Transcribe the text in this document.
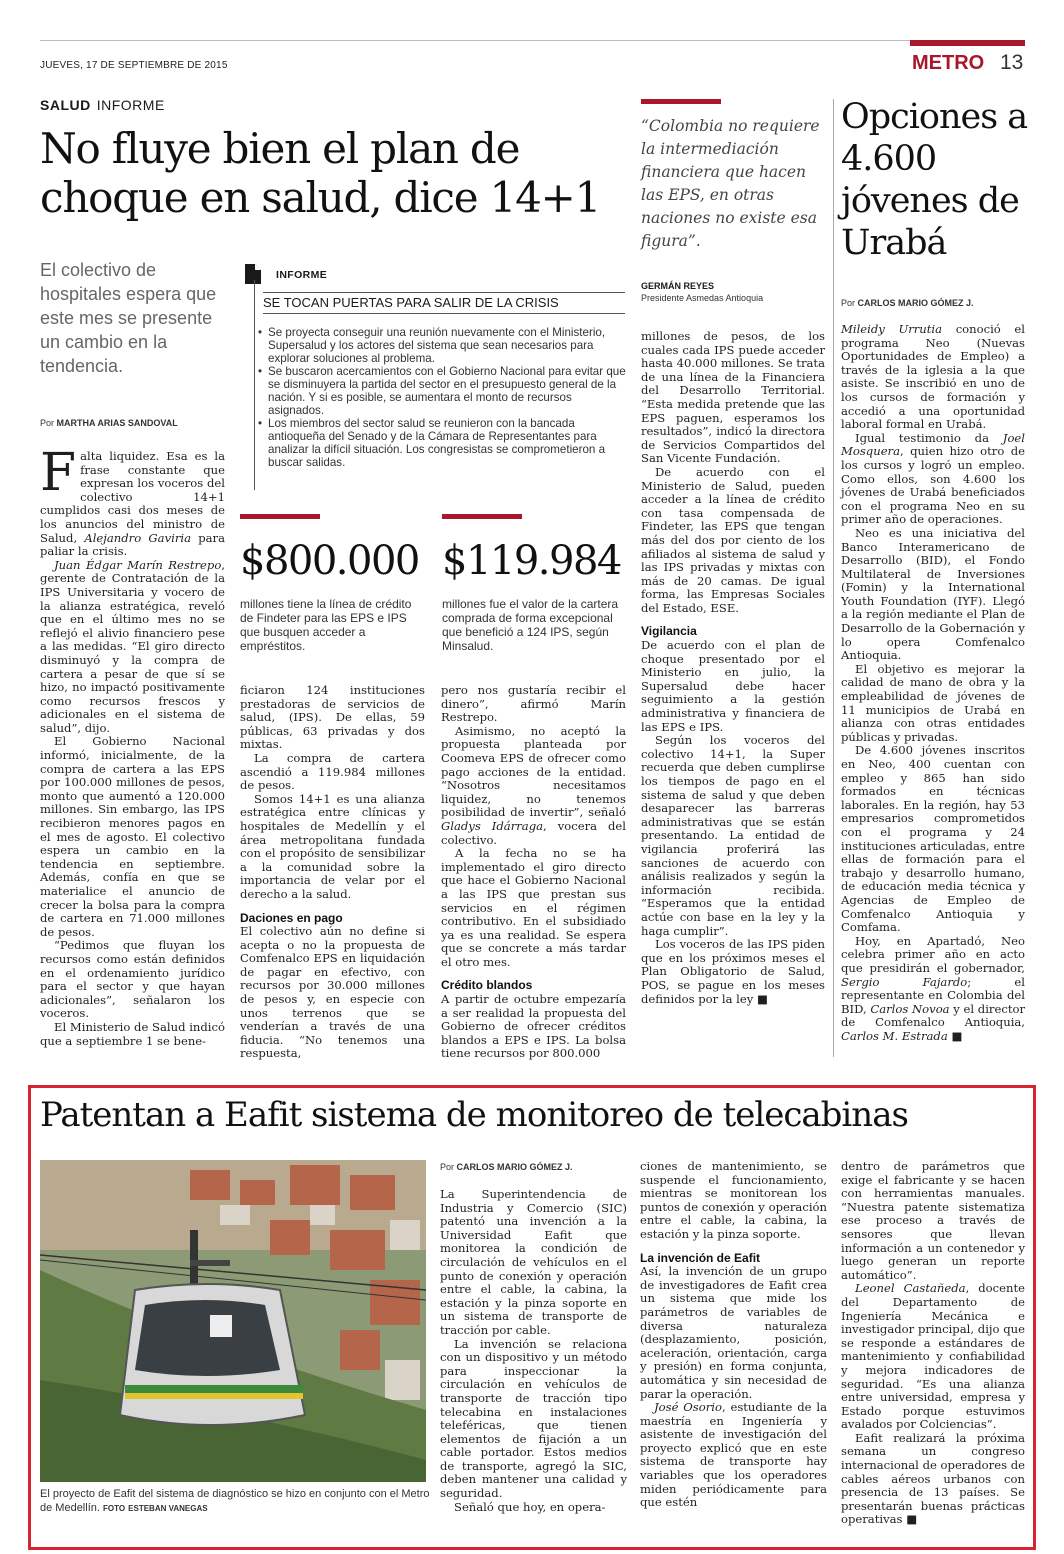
JUEVES, 17 DE SEPTIEMBRE DE 2015	METRO 13
SALUD INFORME
No fluye bien el plan de choque en salud, dice 14+1
El colectivo de hospitales espera que este mes se presente un cambio en la tendencia.
Por MARTHA ARIAS SANDOVAL

Falta liquidez. Esa es la frase constante que expresan los voceros del colectivo 14+1 cumplidos casi dos meses de los anuncios del ministro de Salud, Alejandro Gaviria para paliar la crisis.

Juan Édgar Marín Restrepo, gerente de Contratación de la IPS Universitaria y vocero de la alianza estratégica, reveló que en el último mes no se reflejó el alivio financiero pese a las medidas. “El giro directo disminuyó y la compra de cartera a pesar de que sí se hizo, no impactó positivamente como recursos frescos y adicionales en el sistema de salud”, dijo.

El Gobierno Nacional informó, inicialmente, de la compra de cartera a las EPS por 100.000 millones de pesos, monto que aumentó a 120.000 millones. Sin embargo, las IPS recibieron menores pagos en el mes de agosto. El colectivo espera un cambio en la tendencia en septiembre. Además, confía en que se materialice el anuncio de crecer la bolsa para la compra de cartera en 71.000 millones de pesos.

“Pedimos que fluyan los recursos como están definidos en el ordenamiento jurídico para el sector y que hayan adicionales”, señalaron los voceros.

El Ministerio de Salud indicó que a septiembre 1 se bene-

INFORME
SE TOCAN PUERTAS PARA SALIR DE LA CRISIS
• Se proyecta conseguir una reunión nuevamente con el Ministerio, Supersalud y los actores del sistema que sean necesarios para explorar soluciones al problema.
• Se buscaron acercamientos con el Gobierno Nacional para evitar que se disminuyera la partida del sector en el presupuesto general de la nación. Y si es posible, se aumentara el monto de recursos asignados.
• Los miembros del sector salud se reunieron con la bancada antioqueña del Senado y de la Cámara de Representantes para analizar la difícil situación. Los congresistas se comprometieron a buscar salidas.
$800.000
millones tiene la línea de crédito de Findeter para las EPS e IPS que busquen acceder a empréstitos.
$119.984
millones fue el valor de la cartera comprada de forma excepcional que benefició a 124 IPS, según Minsalud.

ficiaron 124 instituciones prestadoras de servicios de salud, (IPS). De ellas, 59 públicas, 63 privadas y dos mixtas.

La compra de cartera ascendió a 119.984 millones de pesos.

Somos 14+1 es una alianza estratégica entre clínicas y hospitales de Medellín y el área metropolitana fundada con el propósito de sensibilizar a la comunidad sobre la importancia de velar por el derecho a la salud.

Daciones en pago

El colectivo aún no define si acepta o no la propuesta de Comfenalco EPS en liquidación de pagar en efectivo, con recursos por 30.000 millones de pesos y, en especie con unos terrenos que se venderían a través de una fiducia. “No tenemos una respuesta,

pero nos gustaría recibir el dinero”, afirmó Marín Restrepo.

Asimismo, no aceptó la propuesta planteada por Coomeva EPS de ofrecer como pago acciones de la entidad. “Nosotros necesitamos liquidez, no tenemos posibilidad de invertir”, señaló Gladys Idárraga, vocera del colectivo.

A la fecha no se ha implementado el giro directo que hace el Gobierno Nacional a las IPS que prestan sus servicios en el régimen contributivo. En el subsidiado ya es una realidad. Se espera que se concrete a más tardar el otro mes.

Crédito blandos

A partir de octubre empezaría a ser realidad la propuesta del Gobierno de ofrecer créditos blandos a EPS e IPS. La bolsa tiene recursos por 800.000

“Colombia no requiere la intermediación financiera que hacen las EPS, en otras naciones no existe esa figura”.
GERMÁN REYES
Presidente Asmedas Antioquia

millones de pesos, de los cuales cada IPS puede acceder hasta 40.000 millones. Se trata de una línea de la Financiera del Desarrollo Territorial. “Esta medida pretende que las EPS paguen, esperamos los resultados”, indicó la directora de Servicios Compartidos del San Vicente Fundación.

De acuerdo con el Ministerio de Salud, pueden acceder a la línea de crédito con tasa compensada de Findeter, las EPS que tengan más del dos por ciento de los afiliados al sistema de salud y las IPS privadas y mixtas con más de 20 camas. De igual forma, las Empresas Sociales del Estado, ESE.

Vigilancia

De acuerdo con el plan de choque presentado por el Ministerio en julio, la Supersalud debe hacer seguimiento a la gestión administrativa y financiera de las EPS e IPS.

Según los voceros del colectivo 14+1, la Super recuerda que deben cumplirse los tiempos de pago en el sistema de salud y que deben desaparecer las barreras administrativas que se están presentando. La entidad de vigilancia proferirá las sanciones de acuerdo con análisis realizados y según la información recibida. “Esperamos que la entidad actúe con base en la ley y la haga cumplir”.

Los voceros de las IPS piden que en los próximos meses el Plan Obligatorio de Salud, POS, se pague en los meses definidos por la ley ■

Opciones a 4.600 jóvenes de Urabá
Por CARLOS MARIO GÓMEZ J.

Mileidy Urrutia conoció el programa Neo (Nuevas Oportunidades de Empleo) a través de la iglesia a la que asiste. Se inscribió en uno de los cursos de formación y accedió a una oportunidad laboral formal en Urabá.

Igual testimonio da Joel Mosquera, quien hizo otro de los cursos y logró un empleo. Como ellos, son 4.600 los jóvenes de Urabá beneficiados con el programa Neo en su primer año de operaciones.

Neo es una iniciativa del Banco Interamericano de Desarrollo (BID), el Fondo Multilateral de Inversiones (Fomin) y la International Youth Foundation (IYF). Llegó a la región mediante el Plan de Desarrollo de la Gobernación y lo opera Comfenalco Antioquia.

El objetivo es mejorar la calidad de mano de obra y la empleabilidad de jóvenes de 11 municipios de Urabá en alianza con otras entidades públicas y privadas.

De 4.600 jóvenes inscritos en Neo, 400 cuentan con empleo y 865 han sido formados en técnicas laborales. En la región, hay 53 empresarios comprometidos con el programa y 24 instituciones articuladas, entre ellas de formación para el trabajo y desarrollo humano, de educación media técnica y Agencias de Empleo de Comfenalco Antioquia y Comfama.

Hoy, en Apartadó, Neo celebra primer año en acto que presidirán el gobernador, Sergio Fajardo; el representante en Colombia del BID, Carlos Novoa y el director de Comfenalco Antioquia, Carlos M. Estrada ■

Patentan a Eafit sistema de monitoreo de telecabinas
El proyecto de Eafit del sistema de diagnóstico se hizo en conjunto con el Metro de Medellín. FOTO ESTEBAN VANEGAS
Por CARLOS MARIO GÓMEZ J.

La Superintendencia de Industria y Comercio (SIC) patentó una invención a la Universidad Eafit que monitorea la condición de circulación de vehículos en el punto de conexión y operación entre el cable, la cabina, la estación y la pinza soporte en un sistema de transporte de tracción por cable.

La invención se relaciona con un dispositivo y un método para inspeccionar la circulación en vehículos de transporte de tracción tipo telecabina en instalaciones teleféricas, que tienen elementos de fijación a un cable portador. Estos medios de transporte, agregó la SIC, deben mantener una calidad y seguridad.

Señaló que hoy, en opera-

ciones de mantenimiento, se suspende el funcionamiento, mientras se monitorean los puntos de conexión y operación entre el cable, la cabina, la estación y la pinza soporte.

La invención de Eafit

Así, la invención de un grupo de investigadores de Eafit crea un sistema que mide los parámetros de variables de diversa naturaleza (desplazamiento, posición, aceleración, orientación, carga y presión) en forma conjunta, automática y sin necesidad de parar la operación.

José Osorio, estudiante de la maestría en Ingeniería y asistente de investigación del proyecto explicó que en este sistema de transporte hay variables que los operadores miden periódicamente para que estén

dentro de parámetros que exige el fabricante y se hacen con herramientas manuales. “Nuestra patente sistematiza ese proceso a través de sensores que llevan información a un contenedor y luego generan un reporte automático”.

Leonel Castañeda, docente del Departamento de Ingeniería Mecánica e investigador principal, dijo que se responde a estándares de mantenimiento y confiabilidad y mejora indicadores de seguridad. “Es una alianza entre universidad, empresa y Estado porque estuvimos avalados por Colciencias”.

Eafit realizará la próxima semana un congreso internacional de operadores de cables aéreos urbanos con presencia de 13 países. Se presentarán buenas prácticas operativas ■
